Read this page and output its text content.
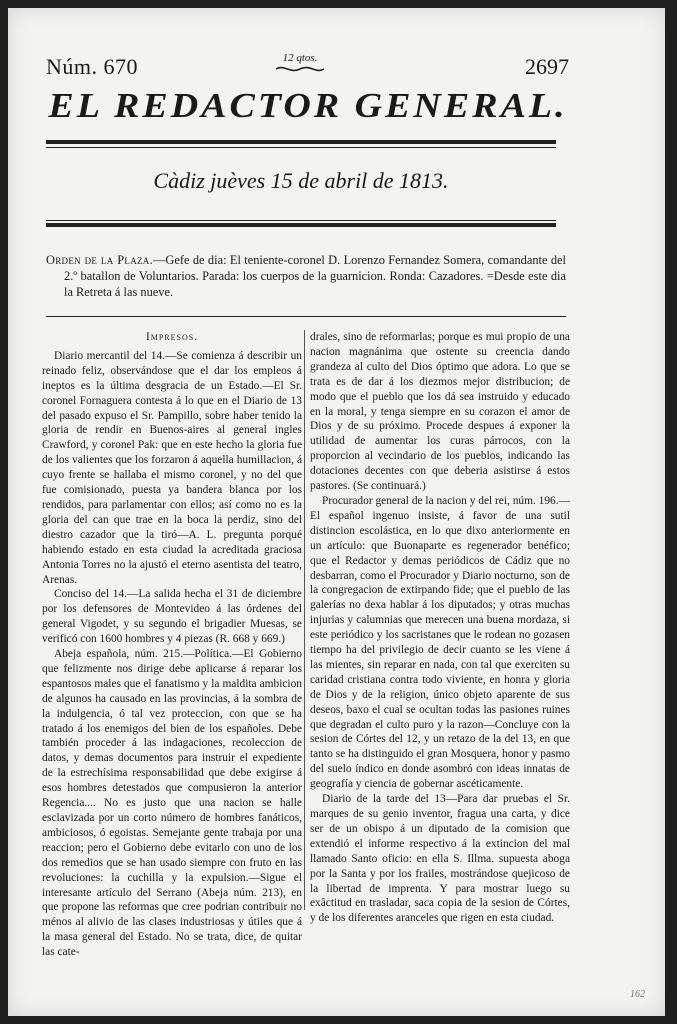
Núm. 670	12 qtos.	2697
EL REDACTOR GENERAL.
Càdiz juèves 15 de abril de 1813.

Orden de la Plaza.—Gefe de dia: El teniente-coronel D. Lorenzo Fernandez Somera, comandante del 2.º batallon de Voluntarios. Parada: los cuerpos de la guarnicion. Ronda: Cazadores. =Desde este dia la Retreta á las nueve.

Impresos.

Diario mercantil del 14.—Se comienza á describir un reinado feliz, observándose que el dar los empleos á ineptos es la última desgracia de un Estado.—El Sr. coronel Fornaguera contesta á lo que en el Diario de 13 del pasado expuso el Sr. Pampillo, sobre haber tenido la gloria de rendir en Buenos-aires al general ingles Crawford, y coronel Pak: que en este hecho la gloria fue de los valientes que los forzaron á aquella humillacion, á cuyo frente se hallaba el mismo coronel, y no del que fue comisionado, puesta ya bandera blanca por los rendidos, para parlamentar con ellos; así como no es la gloria del can que trae en la boca la perdiz, sino del diestro cazador que la tiró—A. L. pregunta porqué habiendo estado en esta ciudad la acreditada graciosa Antonia Torres no la ajustó el eterno asentista del teatro, Arenas.

Conciso del 14.—La salida hecha el 31 de diciembre por los defensores de Montevideo á las órdenes del general Vigodet, y su segundo el brigadier Muesas, se verificó con 1600 hombres y 4 piezas (R. 668 y 669.)

Abeja española, núm. 215.—Política.—El Gobierno que felizmente nos dirige debe aplicarse á reparar los espantosos males que el fanatismo y la maldita ambicion de algunos ha causado en las provincias, á la sombra de la indulgencia, ó tal vez proteccion, con que se ha tratado á los enemigos del bien de los españoles. Debe también proceder á las indagaciones, recoleccion de datos, y demas documentos para instruir el expediente de la estrechísima responsabilidad que debe exigirse á esos hombres detestados que compusieron la anterior Regencia.... No es justo que una nacion se halle esclavizada por un corto número de hombres fanáticos, ambiciosos, ó egoistas. Semejante gente trabaja por una reaccion; pero el Gobierno debe evitarlo con uno de los dos remedios que se han usado siempre con fruto en las revoluciones: la cuchilla y la expulsion.—Sigue el interesante artículo del Serrano (Abeja núm. 213), en que propone las reformas que cree podrian contribuir no ménos al alivio de las clases industriosas y útiles que á la masa general del Estado. No se trata, dice, de quitar las cate-

drales, sino de reformarlas; porque es mui propio de una nacion magnánima que ostente su creencia dando grandeza al culto del Dios óptimo que adora. Lo que se trata es de dar á los diezmos mejor distribucion; de modo que el pueblo que los dá sea instruido y educado en la moral, y tenga siempre en su corazon el amor de Dios y de su próximo. Procede despues á exponer la utilidad de aumentar los curas párrocos, con la proporcion al vecindario de los pueblos, indicando las dotaciones decentes con que deberia asistirse á estos pastores. (Se continuará.)

Procurador general de la nacion y del rei, núm. 196.— El español ingenuo insiste, á favor de una sutil distincion escolástica, en lo que dixo anteriormente en un artículo: que Buonaparte es regenerador benéfico; que el Redactor y demas periódicos de Cádiz que no desbarran, como el Procurador y Diario nocturno, son de la congregacion de extirpando fide; que el pueblo de las galerías no dexa hablar á los diputados; y otras muchas injurias y calumnias que merecen una buena mordaza, si este periódico y los sacristanes que le rodean no gozasen tiempo ha del privilegio de decir cuanto se les viene á las mientes, sin reparar en nada, con tal que exerciten su caridad cristiana contra todo viviente, en honra y gloria de Dios y de la religion, único objeto aparente de sus deseos, baxo el cual se ocultan todas las pasiones ruines que degradan el culto puro y la razon—Concluye con la sesion de Córtes del 12, y un retazo de la del 13, en que tanto se ha distinguido el gran Mosquera, honor y pasmo del suelo índico en donde asombró con ideas innatas de geografía y ciencia de gobernar ascéticamente.

Diario de la tarde del 13—Para dar pruebas el Sr. marques de su genio inventor, fragua una carta, y dice ser de un obispo á un diputado de la comision que extendió el informe respectivo á la extincion del mal llamado Santo oficio: en ella S. Illma. supuesta aboga por la Santa y por los frailes, mostrándose quejicoso de la libertad de imprenta. Y para mostrar luego su exâctitud en trasladar, saca copia de la sesion de Córtes, y de los diferentes aranceles que rigen en esta ciudad.

162
